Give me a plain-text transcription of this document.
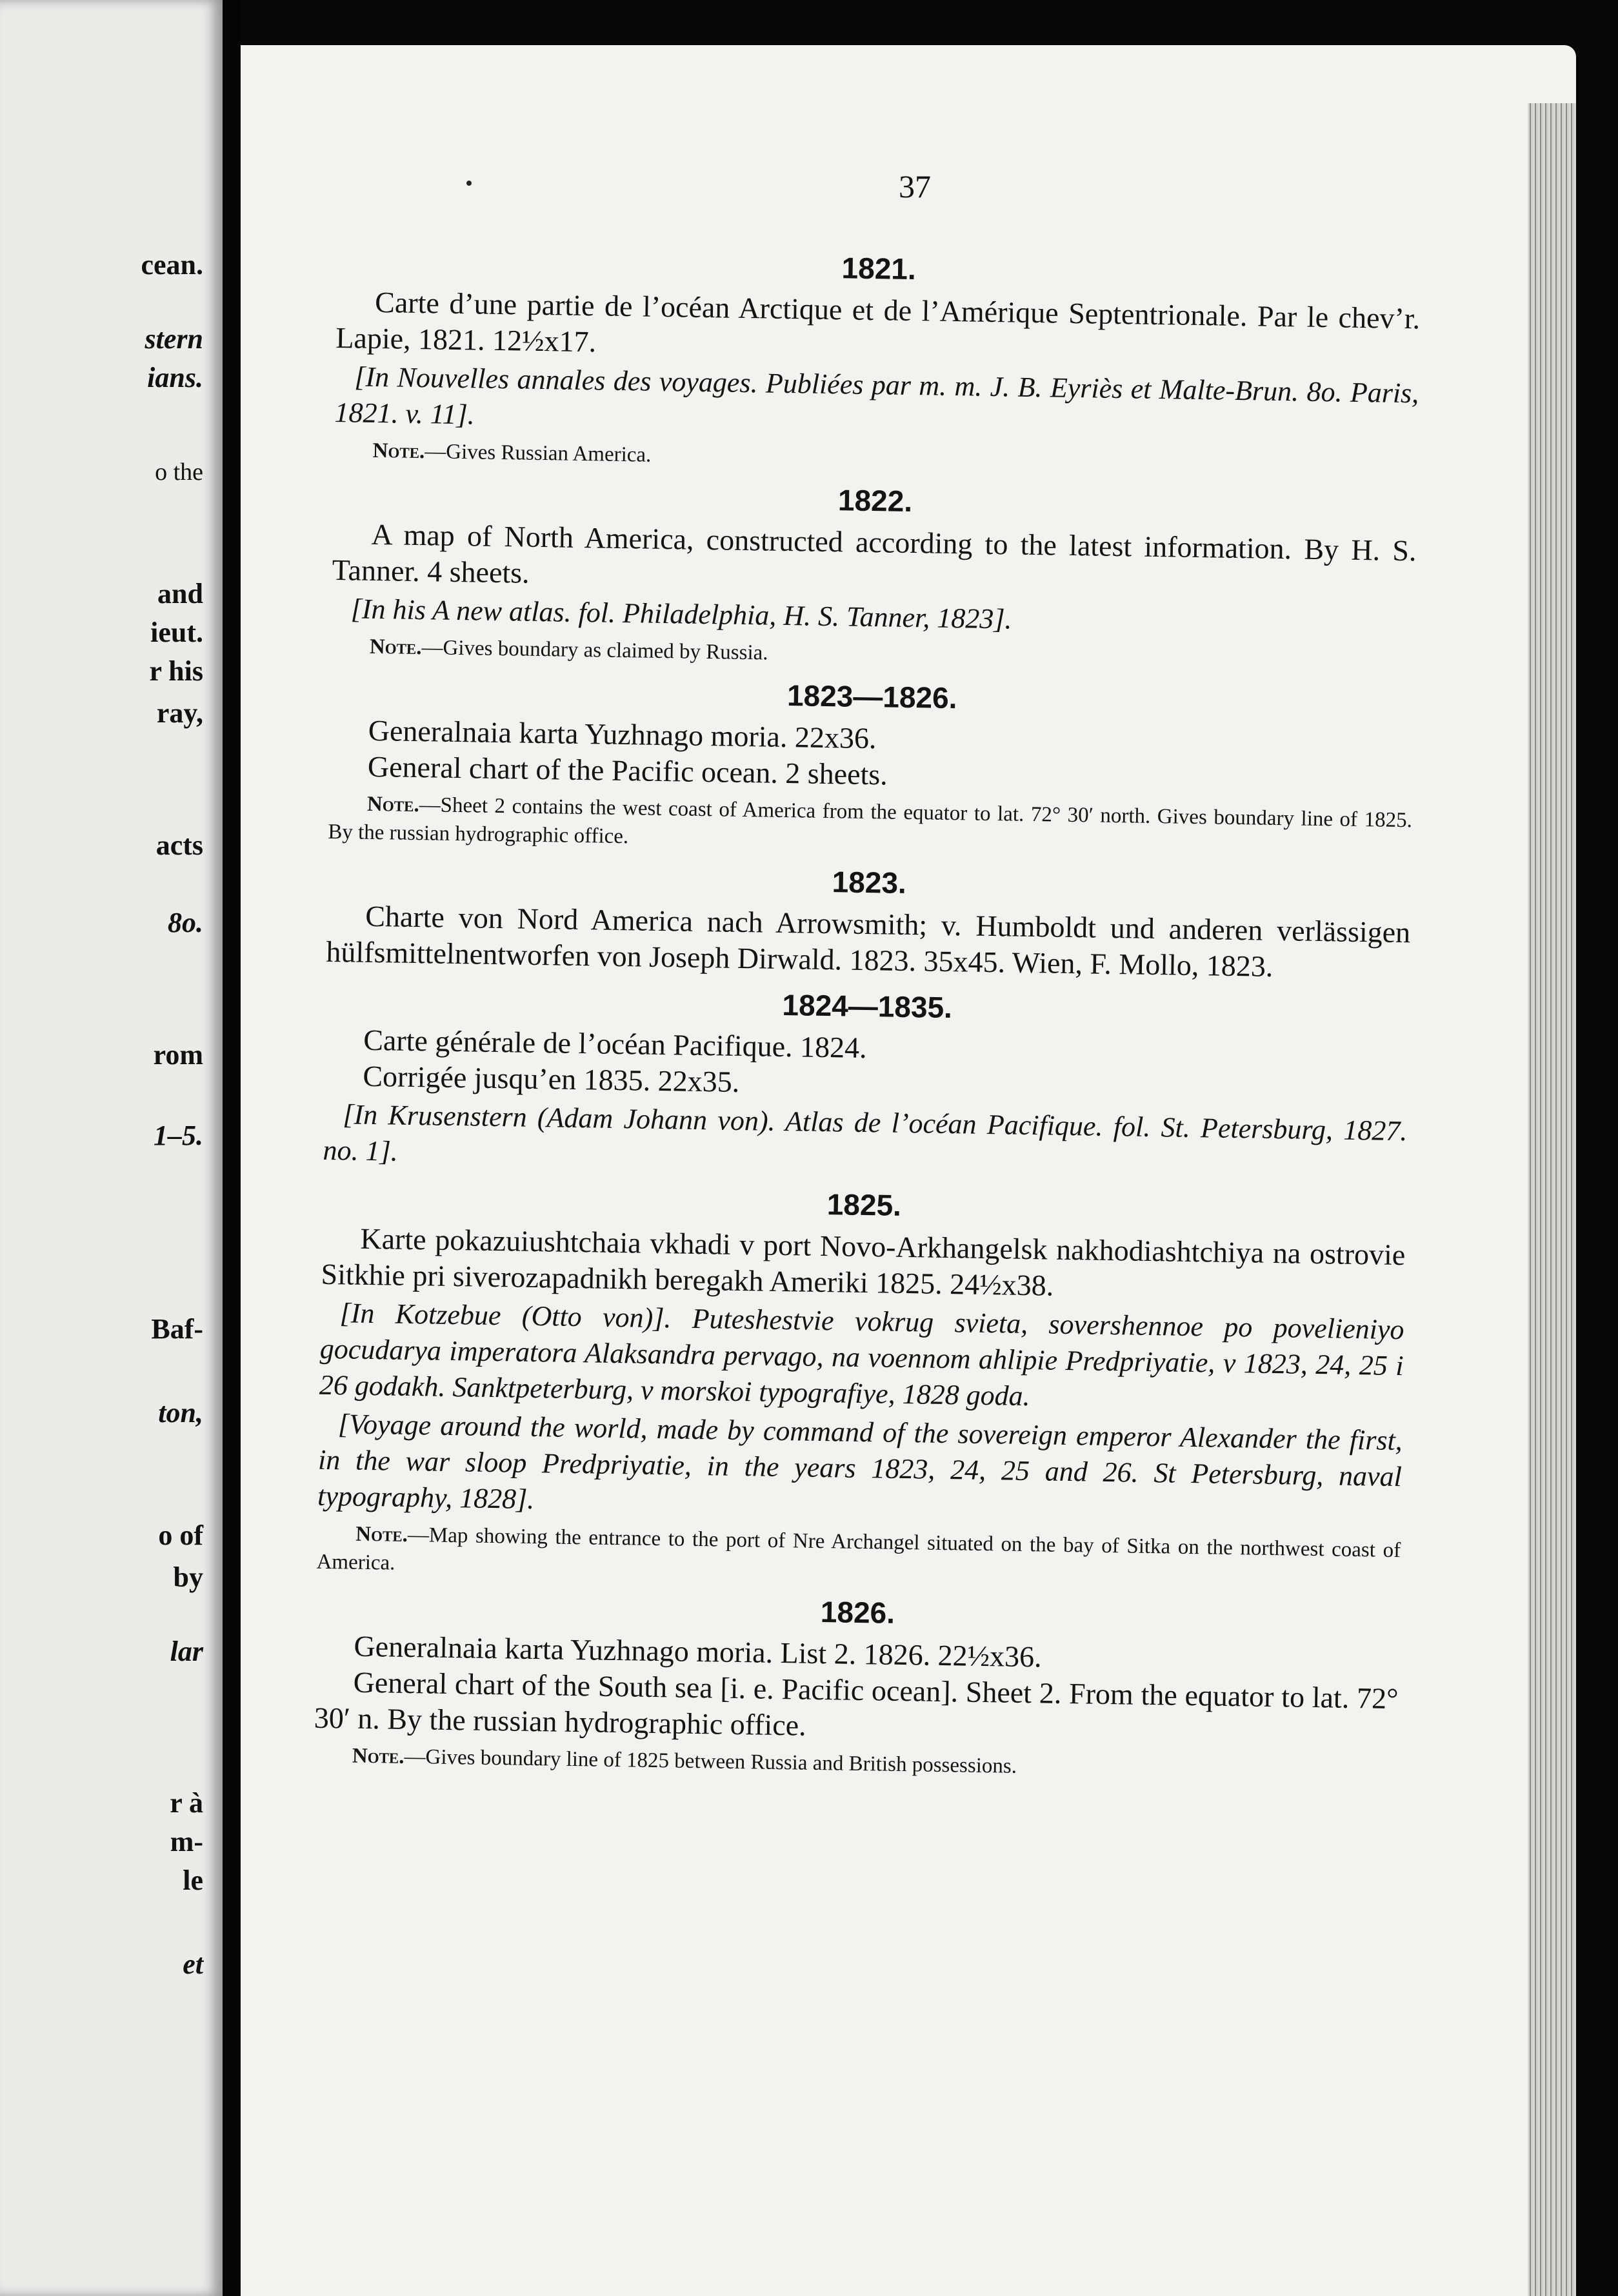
cean.
stern
ians.
o the
and
ieut.
r his
ray,
acts
8o.
rom
1–5.
Baf-
ton,
o of
by
lar
r à
m-
le
et
37
1821.

Carte d’une partie de l’océan Arctique et de l’Amérique Septentrionale. Par le chev’r. Lapie, 1821. 12½x17.

[In Nouvelles annales des voyages. Publiées par m. m. J. B. Eyriès et Malte-Brun. 8o. Paris, 1821. v. 11].

Note.—Gives Russian America.

1822.

A map of North America, constructed according to the latest information. By H. S. Tanner. 4 sheets.

[In his A new atlas. fol. Philadelphia, H. S. Tanner, 1823].

Note.—Gives boundary as claimed by Russia.

1823—1826.

Generalnaia karta Yuzhnago moria. 22x36.

General chart of the Pacific ocean. 2 sheets.

Note.—Sheet 2 contains the west coast of America from the equator to lat. 72° 30′ north. Gives boundary line of 1825. By the russian hydrographic office.

1823.

Charte von Nord America nach Arrowsmith; v. Humboldt und anderen verlässigen hülfsmittelnentworfen von Joseph Dirwald. 1823. 35x45. Wien, F. Mollo, 1823.

1824—1835.

Carte générale de l’océan Pacifique. 1824.

Corrigée jusqu’en 1835. 22x35.

[In Krusenstern (Adam Johann von). Atlas de l’océan Pacifique. fol. St. Petersburg, 1827. no. 1].

1825.

Karte pokazuiushtchaia vkhadi v port Novo-Arkhangelsk nakhodiashtchiya na ostrovie Sitkhie pri siverozapadnikh beregakh Ameriki 1825. 24½x38.

[In Kotzebue (Otto von)]. Puteshestvie vokrug svieta, sovershennoe po povelieniyo gocudarya imperatora Alaksandra pervago, na voennom ahlipie Predpriyatie, v 1823, 24, 25 i 26 godakh. Sanktpeterburg, v morskoi typografiye, 1828 goda.

[Voyage around the world, made by command of the sovereign emperor Alexander the first, in the war sloop Predpriyatie, in the years 1823, 24, 25 and 26. St Petersburg, naval typography, 1828].

Note.—Map showing the entrance to the port of Nre Archangel situated on the bay of Sitka on the northwest coast of America.

1826.

Generalnaia karta Yuzhnago moria. List 2. 1826. 22½x36.

General chart of the South sea [i. e. Pacific ocean]. Sheet 2. From the equator to lat. 72° 30′ n. By the russian hydrographic office.

Note.—Gives boundary line of 1825 between Russia and British possessions.
